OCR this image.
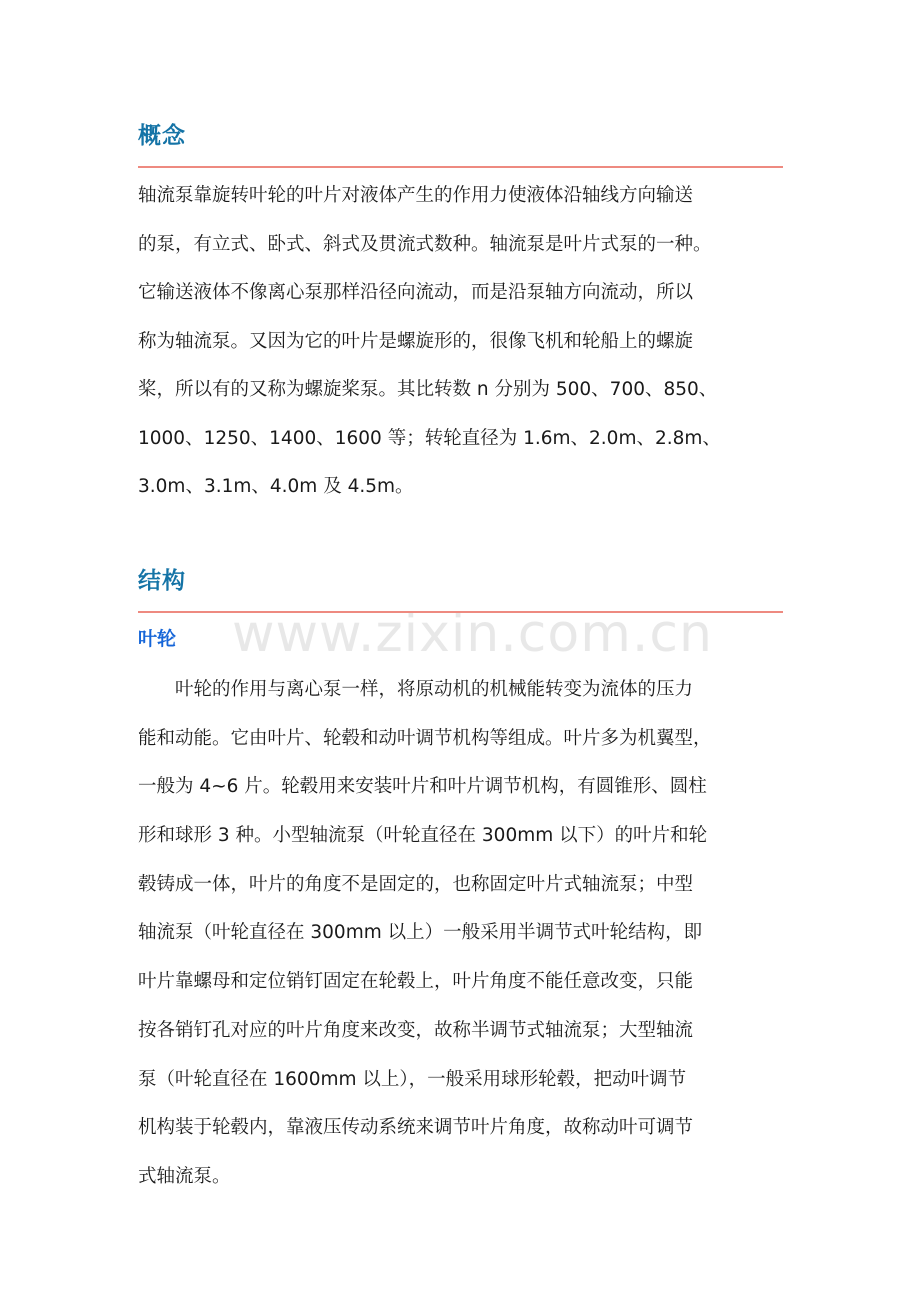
www.zixin.com.cn
概念
轴流泵靠旋转叶轮的叶片对液体产生的作用力使液体沿轴线方向输送
的泵，有立式、卧式、斜式及贯流式数种。轴流泵是叶片式泵的一种。
它输送液体不像离心泵那样沿径向流动，而是沿泵轴方向流动，所以
称为轴流泵。又因为它的叶片是螺旋形的，很像飞机和轮船上的螺旋
桨，所以有的又称为螺旋桨泵。其比转数 n 分别为 500、700、850、
1000、1250、1400、1600 等；转轮直径为 1.6m、2.0m、2.8m、
3.0m、3.1m、4.0m 及 4.5m。
结构
叶轮
叶轮的作用与离心泵一样，将原动机的机械能转变为流体的压力
能和动能。它由叶片、轮毂和动叶调节机构等组成。叶片多为机翼型，
一般为 4~6 片。轮毂用来安装叶片和叶片调节机构，有圆锥形、圆柱
形和球形 3 种。小型轴流泵（叶轮直径在 300mm 以下）的叶片和轮
毂铸成一体，叶片的角度不是固定的，也称固定叶片式轴流泵；中型
轴流泵（叶轮直径在 300mm 以上）一般采用半调节式叶轮结构，即
叶片靠螺母和定位销钉固定在轮毂上，叶片角度不能任意改变，只能
按各销钉孔对应的叶片角度来改变，故称半调节式轴流泵；大型轴流
泵（叶轮直径在 1600mm 以上），一般采用球形轮毂，把动叶调节
机构装于轮毂内，靠液压传动系统来调节叶片角度，故称动叶可调节
式轴流泵。
